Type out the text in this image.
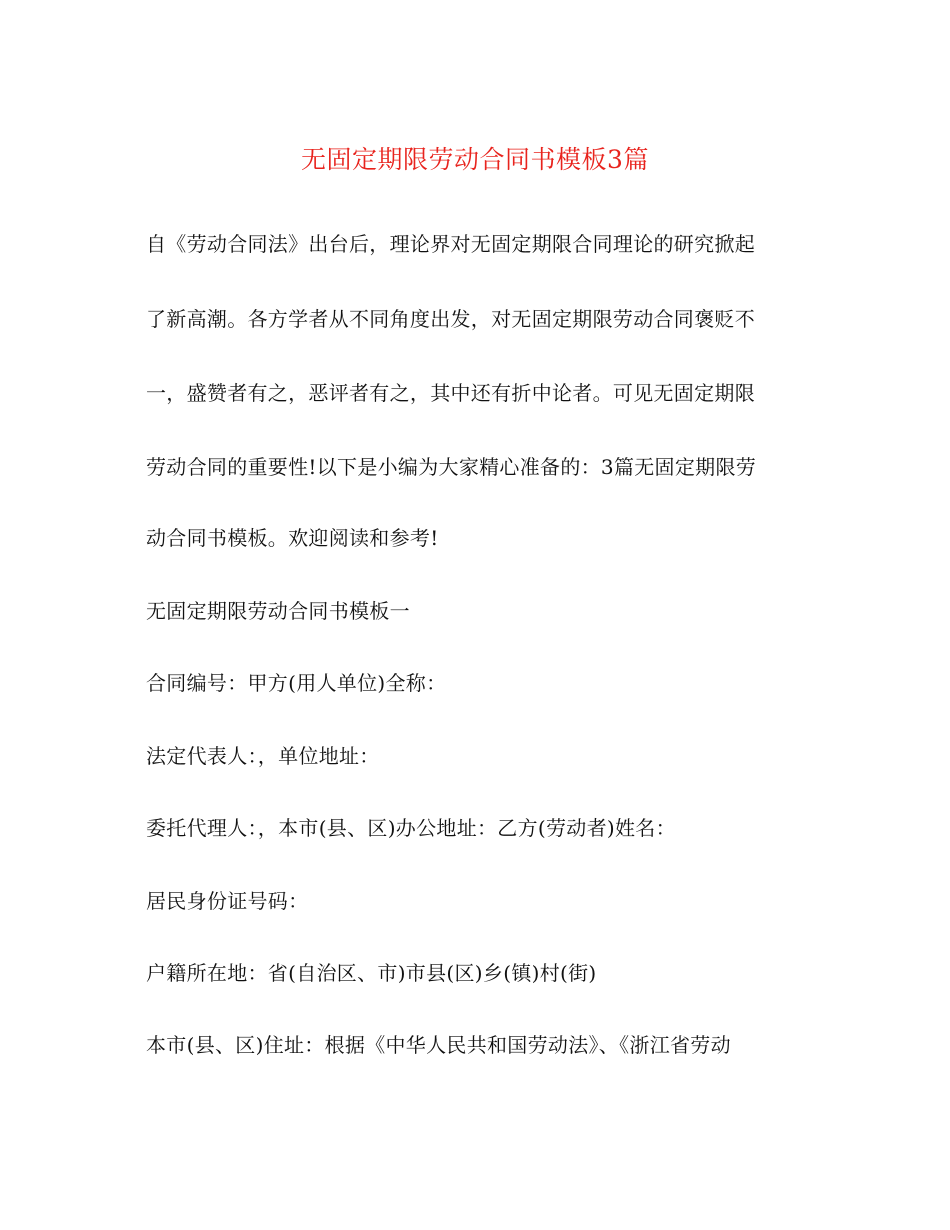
无固定期限劳动合同书模板3篇

自《劳动合同法》出台后，理论界对无固定期限合同理论的研究掀起

了新高潮。各方学者从不同角度出发，对无固定期限劳动合同褒贬不

一，盛赞者有之，恶评者有之，其中还有折中论者。可见无固定期限

劳动合同的重要性!以下是小编为大家精心准备的：3篇无固定期限劳

动合同书模板。欢迎阅读和参考!

无固定期限劳动合同书模板一

合同编号：甲方(用人单位)全称：

法定代表人：，单位地址：

委托代理人：，本市(县、区)办公地址：乙方(劳动者)姓名：

居民身份证号码：

户籍所在地：省(自治区、市)市县(区)乡(镇)村(街)

本市(县、区)住址：根据《中华人民共和国劳动法》、《浙江省劳动
